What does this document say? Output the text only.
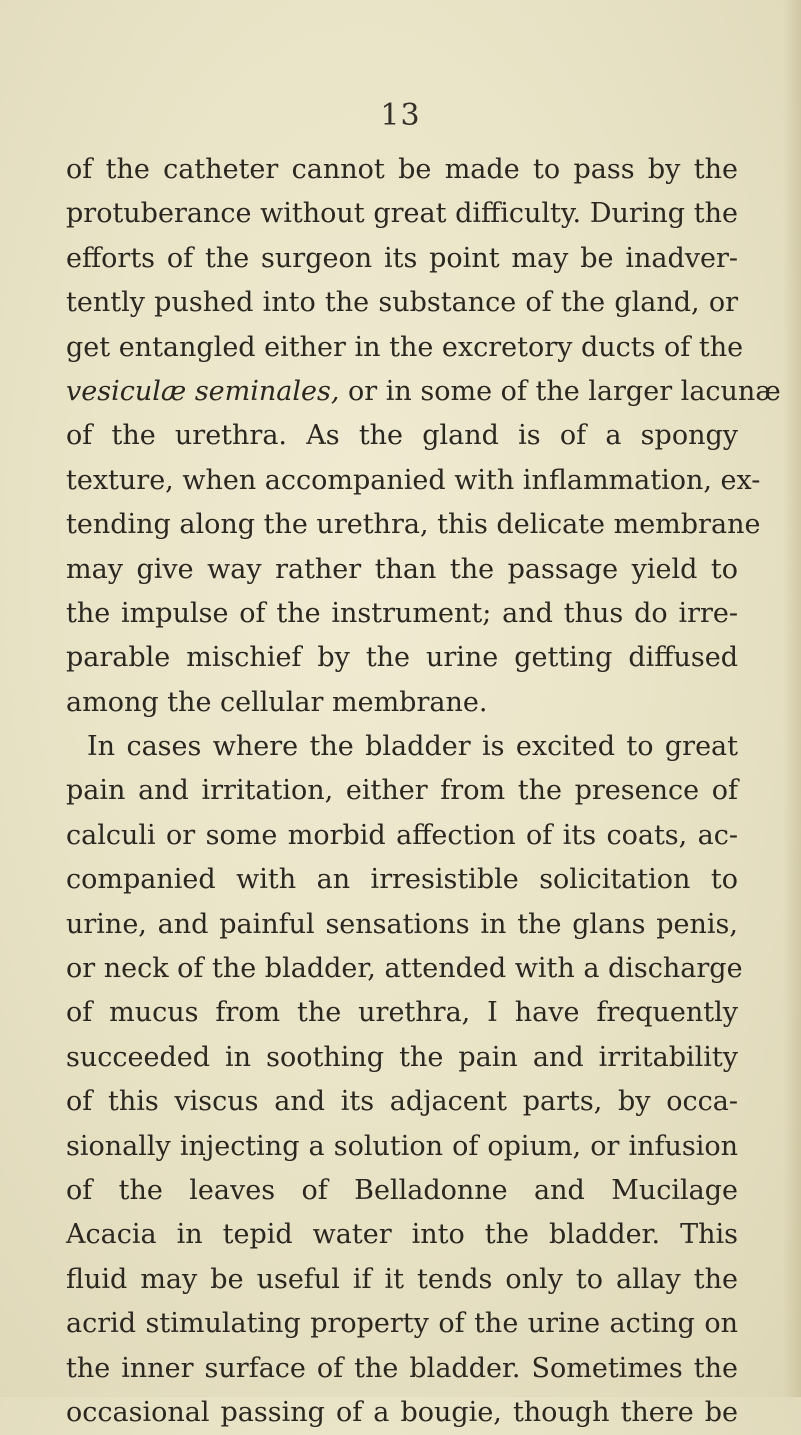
13
of the catheter cannot be made to pass by the
protuberance without great difficulty. During the
efforts of the surgeon its point may be inadver-
tently pushed into the substance of the gland, or
get entangled either in the excretory ducts of the
vesiculæ seminales, or in some of the larger lacunæ
of the urethra. As the gland is of a spongy
texture, when accompanied with inflammation, ex-
tending along the urethra, this delicate membrane
may give way rather than the passage yield to
the impulse of the instrument; and thus do irre-
parable mischief by the urine getting diffused
among the cellular membrane.
In cases where the bladder is excited to great
pain and irritation, either from the presence of
calculi or some morbid affection of its coats, ac-
companied with an irresistible solicitation to
urine, and painful sensations in the glans penis,
or neck of the bladder, attended with a discharge
of mucus from the urethra, I have frequently
succeeded in soothing the pain and irritability
of this viscus and its adjacent parts, by occa-
sionally injecting a solution of opium, or infusion
of the leaves of Belladonne and Mucilage
Acacia in tepid water into the bladder. This
fluid may be useful if it tends only to allay the
acrid stimulating property of the urine acting on
the inner surface of the bladder. Sometimes the
occasional passing of a bougie, though there be
